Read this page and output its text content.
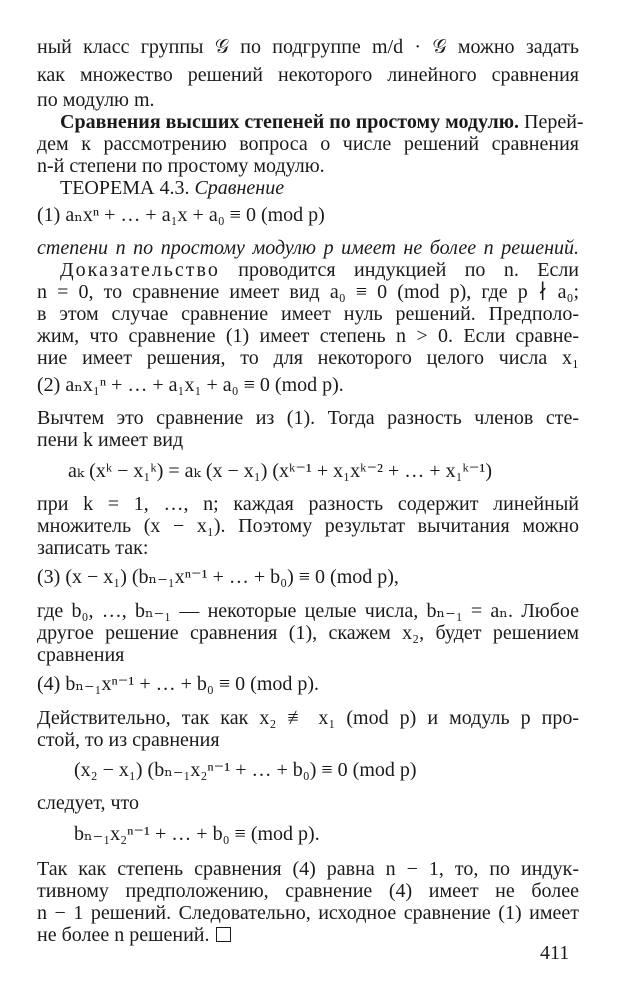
ный класс группы 𝒢 по подгруппе m/d · 𝒢 можно задать
как множество решений некоторого линейного сравнения
по модулю m.
Сравнения высших степеней по простому модулю. Перей-
дем к рассмотрению вопроса о числе решений сравнения
n-й степени по простому модулю.
ТЕОРЕМА 4.3. Сравнение
(1) aₙxⁿ + … + a₁x + a₀ ≡ 0 (mod p)
степени n по простому модулю p имеет не более n решений.
Доказательство проводится индукцией по n. Если
n = 0, то сравнение имеет вид a₀ ≡ 0 (mod p), где p ∤ a₀;
в этом случае сравнение имеет нуль решений. Предполо-
жим, что сравнение (1) имеет степень n > 0. Если сравне-
ние имеет решения, то для некоторого целого числа x₁
(2) aₙx₁ⁿ + … + a₁x₁ + a₀ ≡ 0 (mod p).
Вычтем это сравнение из (1). Тогда разность членов сте-
пени k имеет вид
aₖ (xᵏ − x₁ᵏ) = aₖ (x − x₁) (xᵏ⁻¹ + x₁xᵏ⁻² + … + x₁ᵏ⁻¹)
при k = 1, …, n; каждая разность содержит линейный
множитель (x − x₁). Поэтому результат вычитания можно
записать так:
(3) (x − x₁) (bₙ₋₁xⁿ⁻¹ + … + b₀) ≡ 0 (mod p),
где b₀, …, bₙ₋₁ — некоторые целые числа, bₙ₋₁ = aₙ. Любое
другое решение сравнения (1), скажем x₂, будет решением
сравнения
(4) bₙ₋₁xⁿ⁻¹ + … + b₀ ≡ 0 (mod p).
Действительно, так как x₂ ≢ x₁ (mod p) и модуль p про-
стой, то из сравнения
(x₂ − x₁) (bₙ₋₁x₂ⁿ⁻¹ + … + b₀) ≡ 0 (mod p)
следует, что
bₙ₋₁x₂ⁿ⁻¹ + … + b₀ ≡ (mod p).
Так как степень сравнения (4) равна n − 1, то, по индук-
тивному предположению, сравнение (4) имеет не более
n − 1 решений. Следовательно, исходное сравнение (1) имеет
не более n решений.
411
